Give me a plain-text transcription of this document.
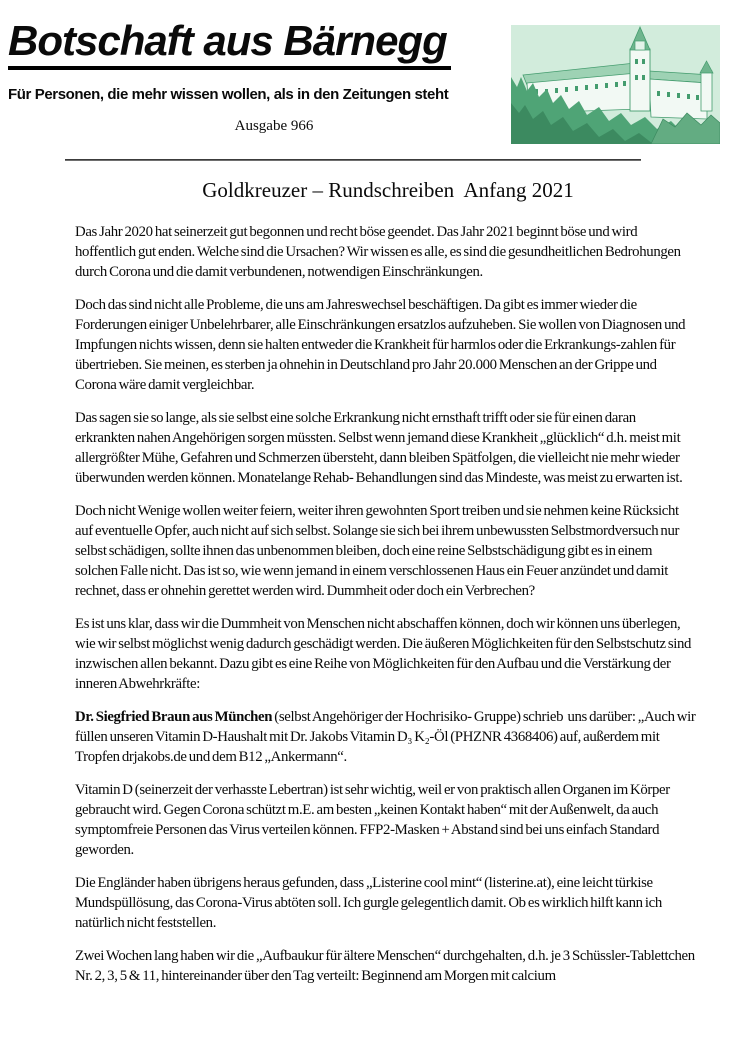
Botschaft aus Bärnegg
Für Personen, die mehr wissen wollen, als in den Zeitungen steht
Ausgabe 966
Goldkreuzer – Rundschreiben  Anfang 2021

Das Jahr 2020 hat seinerzeit gut begonnen und recht böse geendet. Das Jahr 2021 beginnt böse und wird hoffentlich gut enden. Welche sind die Ursachen? Wir wissen es alle, es sind die gesundheitlichen Bedrohungen durch Corona und die damit verbundenen, notwendigen Einschränkungen.

Doch das sind nicht alle Probleme, die uns am Jahreswechsel beschäftigen. Da gibt es immer wieder die Forderungen einiger Unbelehrbarer, alle Einschränkungen ersatzlos aufzuheben. Sie wollen von Diagnosen und Impfungen nichts wissen, denn sie halten entweder die Krankheit für harmlos oder die Erkrankungs-zahlen für übertrieben. Sie meinen, es sterben ja ohnehin in Deutschland pro Jahr 20.000 Menschen an der Grippe und Corona wäre damit vergleichbar.

Das sagen sie so lange, als sie selbst eine solche Erkrankung nicht ernsthaft trifft oder sie für einen daran erkrankten nahen Angehörigen sorgen müssten. Selbst wenn jemand diese Krankheit „glücklich“ d.h. meist mit allergrößter Mühe, Gefahren und Schmerzen übersteht, dann bleiben Spätfolgen, die vielleicht nie mehr wieder überwunden werden können. Monatelange Rehab- Behandlungen sind das Mindeste, was meist zu erwarten ist.

Doch nicht Wenige wollen weiter feiern, weiter ihren gewohnten Sport treiben und sie nehmen keine Rücksicht auf eventuelle Opfer, auch nicht auf sich selbst. Solange sie sich bei ihrem unbewussten Selbstmordversuch nur selbst schädigen, sollte ihnen das unbenommen bleiben, doch eine reine Selbstschädigung gibt es in einem solchen Falle nicht. Das ist so, wie wenn jemand in einem verschlossenen Haus ein Feuer anzündet und damit rechnet, dass er ohnehin gerettet werden wird. Dummheit oder doch ein Verbrechen?

Es ist uns klar, dass wir die Dummheit von Menschen nicht abschaffen können, doch wir können uns überlegen, wie wir selbst möglichst wenig dadurch geschädigt werden. Die äußeren Möglichkeiten für den Selbstschutz sind inzwischen allen bekannt. Dazu gibt es eine Reihe von Möglichkeiten für den Aufbau und die Verstärkung der inneren Abwehrkräfte:

Dr. Siegfried Braun aus München (selbst Angehöriger der Hochrisiko- Gruppe) schrieb  uns darüber: „Auch wir füllen unseren Vitamin D-Haushalt mit Dr. Jakobs Vitamin D₃ K₂-Öl (PHZNR 4368406) auf, außerdem mit Tropfen drjakobs.de und dem B12 „Ankermann“.

Vitamin D (seinerzeit der verhasste Lebertran) ist sehr wichtig, weil er von praktisch allen Organen im Körper gebraucht wird. Gegen Corona schützt m.E. am besten „keinen Kontakt haben“ mit der Außenwelt, da auch symptomfreie Personen das Virus verteilen können. FFP2-Masken + Abstand sind bei uns einfach Standard geworden.

Die Engländer haben übrigens heraus gefunden, dass „Listerine cool mint“ (listerine.at), eine leicht türkise Mundspüllösung, das Corona-Virus abtöten soll. Ich gurgle gelegentlich damit. Ob es wirklich hilft kann ich natürlich nicht feststellen.

Zwei Wochen lang haben wir die „Aufbaukur für ältere Menschen“ durchgehalten, d.h. je 3 Schüssler-Tablettchen Nr. 2, 3, 5 & 11, hintereinander über den Tag verteilt: Beginnend am Morgen mit calcium
